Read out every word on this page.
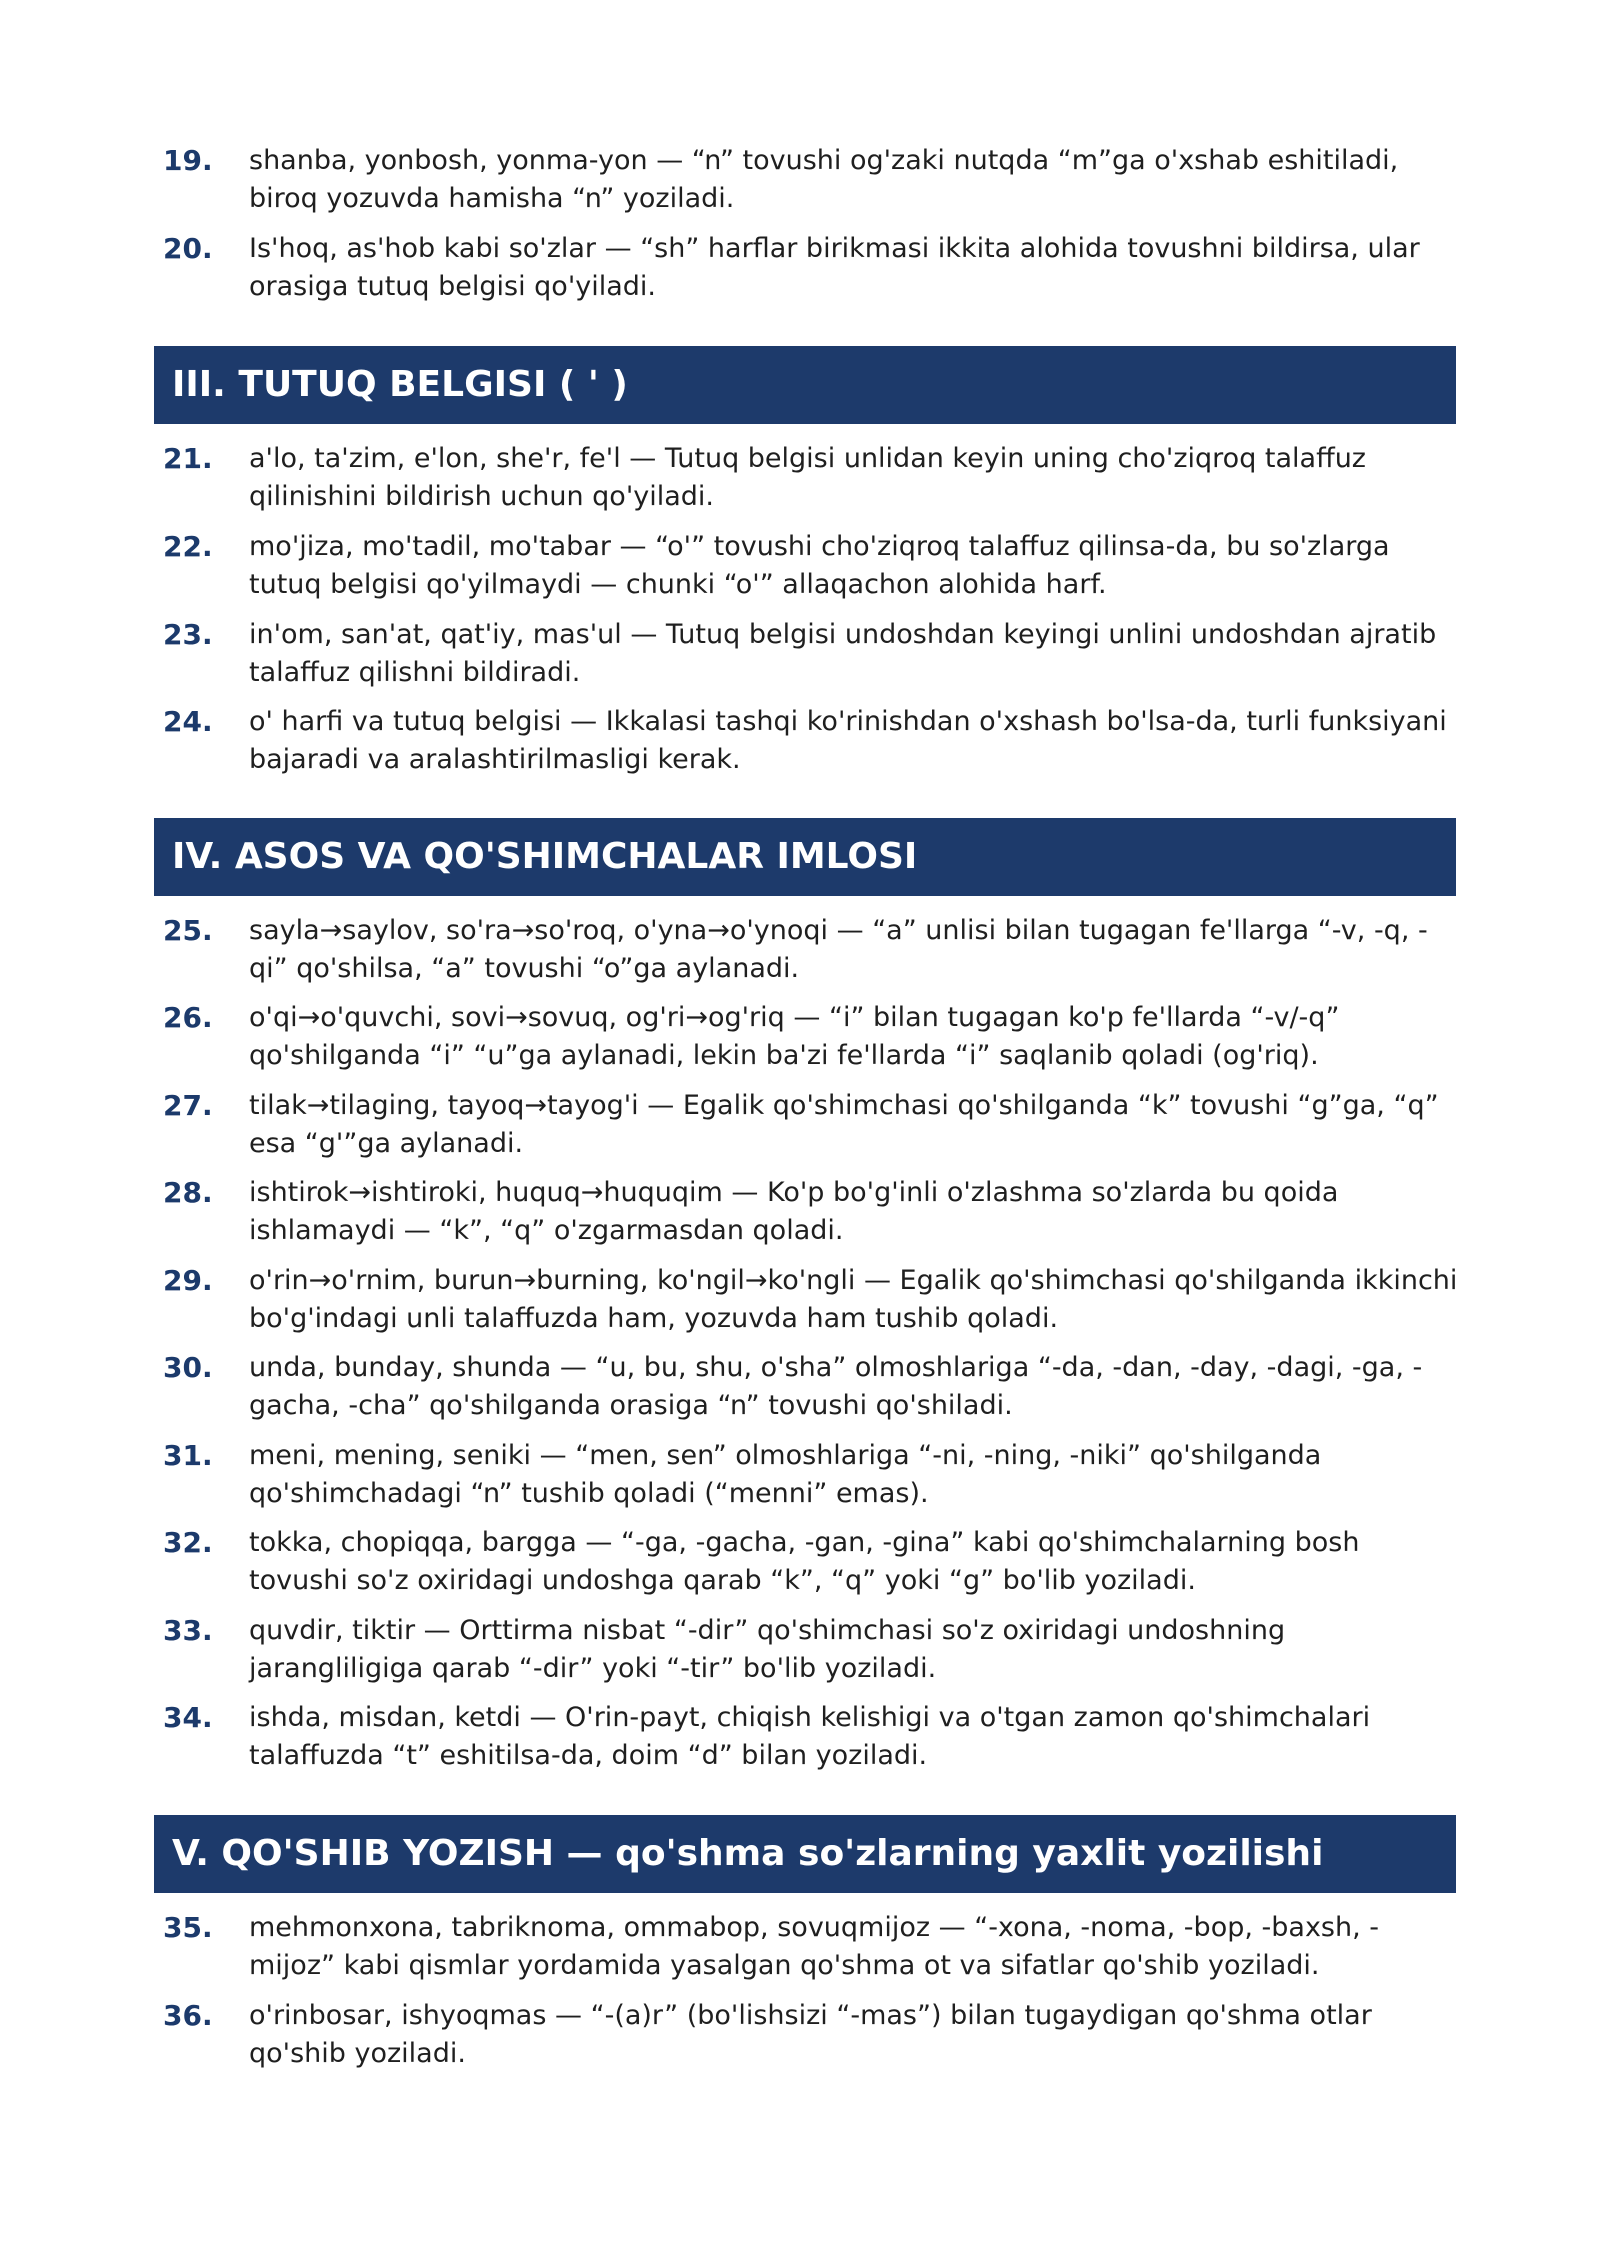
19.	shanba, yonbosh, yonma-yon — “n” tovushi og'zaki nutqda “m”ga o'xshab eshitiladi, biroq yozuvda hamisha “n” yoziladi.
20.	Is'hoq, as'hob kabi so'zlar — “sh” harflar birikmasi ikkita alohida tovushni bildirsa, ular orasiga tutuq belgisi qo'yiladi.
III. TUTUQ BELGISI ( ' )
21.	a'lo, ta'zim, e'lon, she'r, fe'l — Tutuq belgisi unlidan keyin uning cho'ziqroq talaffuz qilinishini bildirish uchun qo'yiladi.
22.	mo'jiza, mo'tadil, mo'tabar — “o'” tovushi cho'ziqroq talaffuz qilinsa-da, bu so'zlarga tutuq belgisi qo'yilmaydi — chunki “o'” allaqachon alohida harf.
23.	in'om, san'at, qat'iy, mas'ul — Tutuq belgisi undoshdan keyingi unlini undoshdan ajratib talaffuz qilishni bildiradi.
24.	o' harfi va tutuq belgisi — Ikkalasi tashqi ko'rinishdan o'xshash bo'lsa-da, turli funksiyani bajaradi va aralashtirilmasligi kerak.
IV. ASOS VA QO'SHIMCHALAR IMLOSI
25.	sayla→saylov, so'ra→so'roq, o'yna→o'ynoqi — “a” unlisi bilan tugagan fe'llarga “-v, -q, -qi” qo'shilsa, “a” tovushi “o”ga aylanadi.
26.	o'qi→o'quvchi, sovi→sovuq, og'ri→og'riq — “i” bilan tugagan ko'p fe'llarda “-v/-q” qo'shilganda “i” “u”ga aylanadi, lekin ba'zi fe'llarda “i” saqlanib qoladi (og'riq).
27.	tilak→tilaging, tayoq→tayog'i — Egalik qo'shimchasi qo'shilganda “k” tovushi “g”ga, “q” esa “g'”ga aylanadi.
28.	ishtirok→ishtiroki, huquq→huquqim — Ko'p bo'g'inli o'zlashma so'zlarda bu qoida ishlamaydi — “k”, “q” o'zgarmasdan qoladi.
29.	o'rin→o'rnim, burun→burning, ko'ngil→ko'ngli — Egalik qo'shimchasi qo'shilganda ikkinchi bo'g'indagi unli talaffuzda ham, yozuvda ham tushib qoladi.
30.	unda, bunday, shunda — “u, bu, shu, o'sha” olmoshlariga “-da, -dan, -day, -dagi, -ga, -gacha, -cha” qo'shilganda orasiga “n” tovushi qo'shiladi.
31.	meni, mening, seniki — “men, sen” olmoshlariga “-ni, -ning, -niki” qo'shilganda qo'shimchadagi “n” tushib qoladi (“menni” emas).
32.	tokka, chopiqqa, bargga — “-ga, -gacha, -gan, -gina” kabi qo'shimchalarning bosh tovushi so'z oxiridagi undoshga qarab “k”, “q” yoki “g” bo'lib yoziladi.
33.	quvdir, tiktir — Orttirma nisbat “-dir” qo'shimchasi so'z oxiridagi undoshning jarangliligiga qarab “-dir” yoki “-tir” bo'lib yoziladi.
34.	ishda, misdan, ketdi — O'rin-payt, chiqish kelishigi va o'tgan zamon qo'shimchalari talaffuzda “t” eshitilsa-da, doim “d” bilan yoziladi.
V. QO'SHIB YOZISH — qo'shma so'zlarning yaxlit yozilishi
35.	mehmonxona, tabriknoma, ommabop, sovuqmijoz — “-xona, -noma, -bop, -baxsh, -mijoz” kabi qismlar yordamida yasalgan qo'shma ot va sifatlar qo'shib yoziladi.
36.	o'rinbosar, ishyoqmas — “-(a)r” (bo'lishsizi “-mas”) bilan tugaydigan qo'shma otlar qo'shib yoziladi.
